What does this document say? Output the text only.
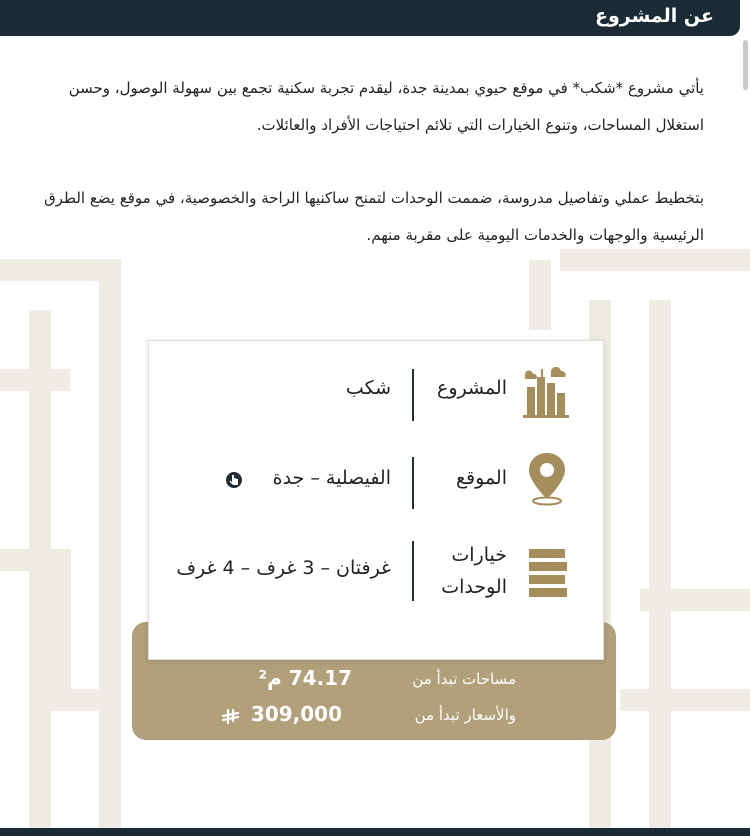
عن المشروع
يأتي مشروع *شكب* في موقع حيوي بمدينة جدة، ليقدم تجربة سكنية تجمع بين سهولة الوصول، وحسن استغلال المساحات، وتنوع الخيارات التي تلائم احتياجات الأفراد والعائلات.
بتخطيط عملي وتفاصيل مدروسة، ضممت الوحدات لتمنح ساكنيها الراحة والخصوصية، في موقع يضع الطرق الرئيسية والوجهات والخدمات اليومية على مقربة منهم.
مساحات تبدأ من
74.17 م²
والأسعار تبدأ من
309,000
المشروع
شكب
الموقع
الفيصلية – جدة
خيارات الوحدات
غرفتان – 3 غرف – 4 غرف
